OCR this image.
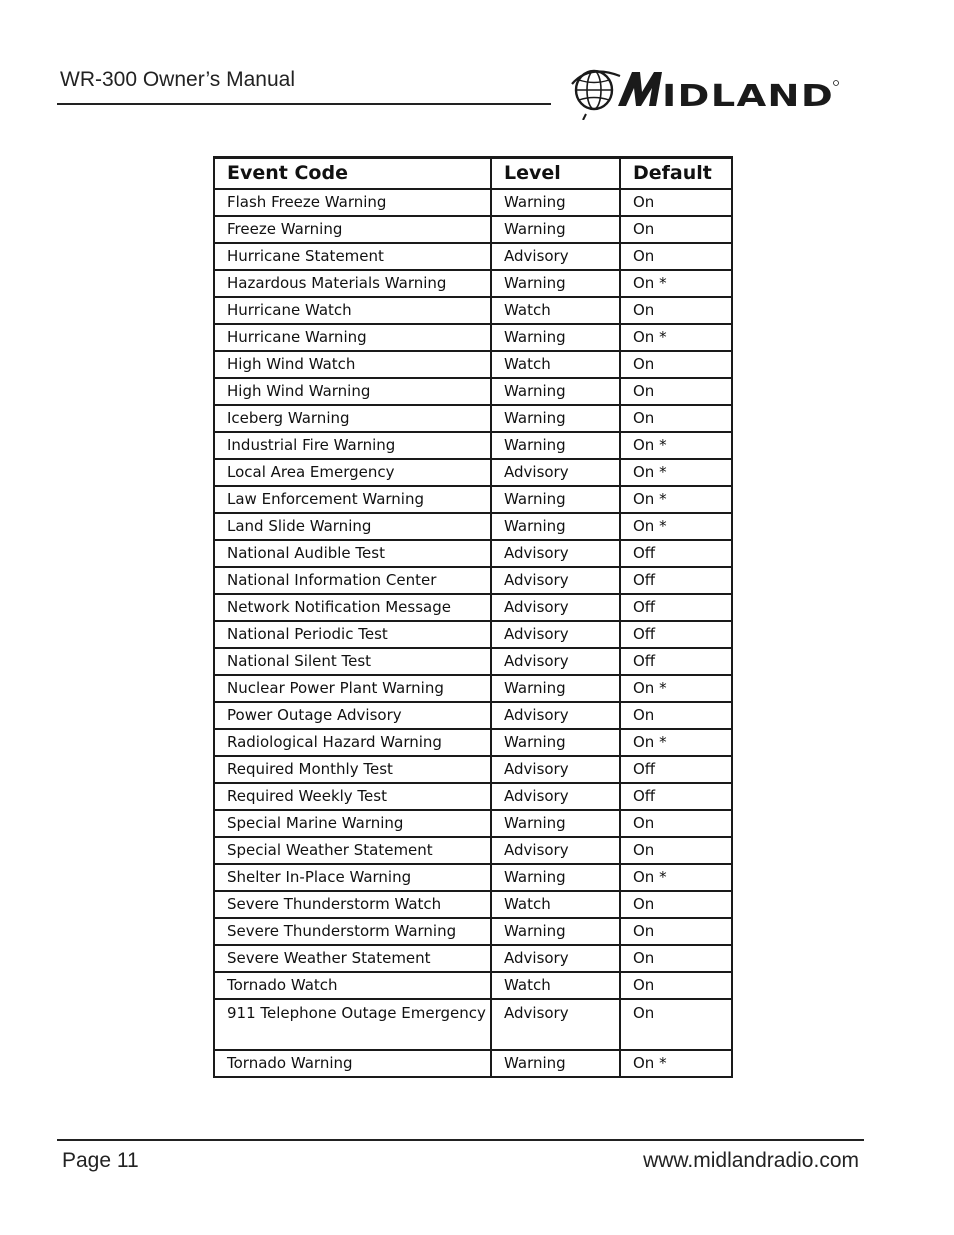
WR-300 Owner’s Manual	IDLAND
Event Code	Level	Default
Flash Freeze Warning	Warning	On
Freeze Warning	Warning	On
Hurricane Statement	Advisory	On
Hazardous Materials Warning	Warning	On *
Hurricane Watch	Watch	On
Hurricane Warning	Warning	On *
High Wind Watch	Watch	On
High Wind Warning	Warning	On
Iceberg Warning	Warning	On
Industrial Fire Warning	Warning	On *
Local Area Emergency	Advisory	On *
Law Enforcement Warning	Warning	On *
Land Slide Warning	Warning	On *
National Audible Test	Advisory	Off
National Information Center	Advisory	Off
Network Notification Message	Advisory	Off
National Periodic Test	Advisory	Off
National Silent Test	Advisory	Off
Nuclear Power Plant Warning	Warning	On *
Power Outage Advisory	Advisory	On
Radiological Hazard Warning	Warning	On *
Required Monthly Test	Advisory	Off
Required Weekly Test	Advisory	Off
Special Marine Warning	Warning	On
Special Weather Statement	Advisory	On
Shelter In-Place Warning	Warning	On *
Severe Thunderstorm Watch	Watch	On
Severe Thunderstorm Warning	Warning	On
Severe Weather Statement	Advisory	On
Tornado Watch	Watch	On
911 Telephone Outage Emergency	Advisory	On
Tornado Warning	Warning	On *
Page 11	www.midlandradio.com
